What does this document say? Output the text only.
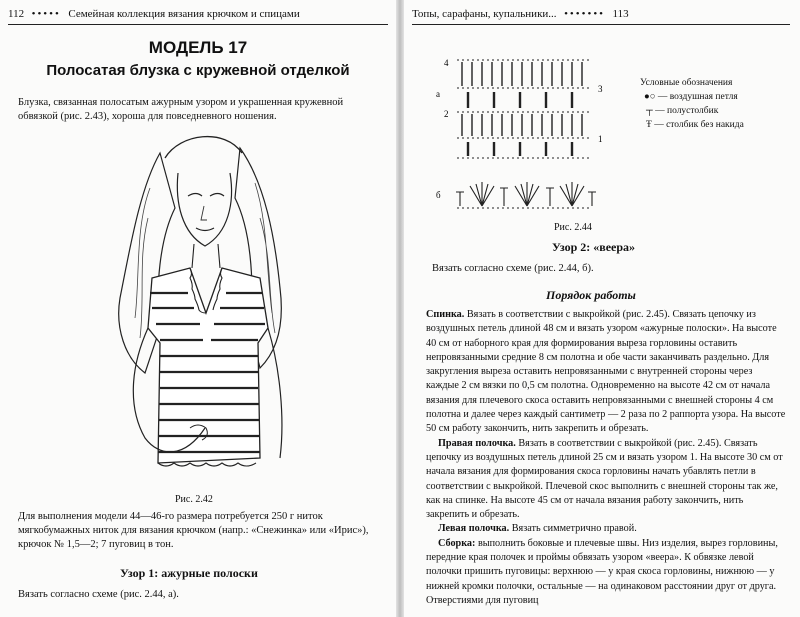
112  •••••  Семейная коллекция вязания крючком и спицами
МОДЕЛЬ 17
Полосатая блузка с кружевной отделкой
Блузка, связанная полосатым ажурным узором и украшенная кружевной обвязкой (рис. 2.43), хороша для повседневного ношения.
Рис. 2.42
Для выполнения модели 44—46-го размера потребуется 250 г ниток мягкобумажных ниток для вязания крючком (напр.: «Снежинка» или «Ирис»), крючок № 1,5—2; 7 пуговиц в тон.
Узор 1: ажурные полоски
Вязать согласно схеме (рис. 2.44, а).
Топы, сарафаны, купальники...  •••••••  113
4
а	3
2
1
б
Условные обозначения
●○ — воздушная петля
┬ — полустолбик
Ŧ — столбик без накида
Рис. 2.44
Узор 2: «веера»
Вязать согласно схеме (рис. 2.44, б).
Порядок работы
Спинка. Вязать в соответствии с выкройкой (рис. 2.45). Связать цепочку из воздушных петель длиной 48 см и вязать узором «ажурные полоски». На высоте 40 см от наборного края для формирования выреза горловины оставить непровязанными средние 8 см полотна и обе части заканчивать раздельно. Для закругления выреза оставить непровязанными с внутренней стороны через каждые 2 см вязки по 0,5 см полотна. Одновременно на высоте 42 см от начала вязания для плечевого скоса оставить непровязанными с внешней стороны 4 см полотна и далее через каждый сантиметр — 2 раза по 2 раппорта узора. На высоте 50 см работу закончить, нить закрепить и обрезать.
Правая полочка. Вязать в соответствии с выкройкой (рис. 2.45). Связать цепочку из воздушных петель длиной 25 см и вязать узором 1. На высоте 30 см от начала вязания для формирования скоса горловины начать убавлять петли в соответствии с выкройкой. Плечевой скос выполнить с внешней стороны так же, как на спинке. На высоте 45 см от начала вязания работу закончить, нить закрепить и обрезать.
Левая полочка. Вязать симметрично правой.
Сборка: выполнить боковые и плечевые швы. Низ изделия, вырез горловины, передние края полочек и проймы обвязать узором «веера». К обвязке левой полочки пришить пуговицы: верхнюю — у края скоса горловины, нижнюю — у нижней кромки полочки, остальные — на одинаковом расстоянии друг от друга. Отверстиями для пуговиц
